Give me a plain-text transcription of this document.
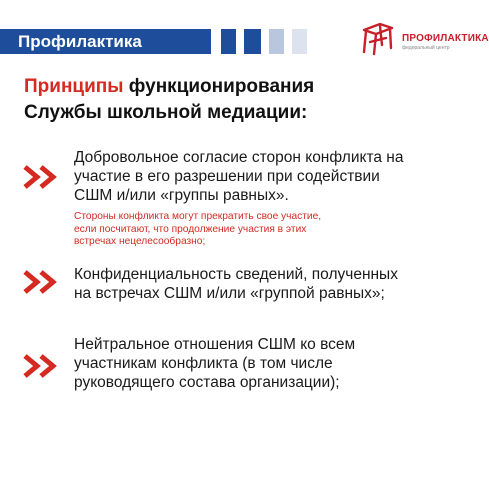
Профилактика	ПРОФИЛАКТИКА
федеральный центр
Принципы функционирования
Службы школьной медиации:
Добровольное согласие сторон конфликта на
участие в его разрешении при содействии
СШМ и/или «группы равных».
Стороны конфликта могут прекратить свое участие,
если посчитают, что продолжение участия в этих
встречах нецелесообразно;
Конфиденциальность сведений, полученных
на встречах СШМ и/или «группой равных»;
Нейтральное отношения СШМ ко всем
участникам конфликта (в том числе
руководящего состава организации);
